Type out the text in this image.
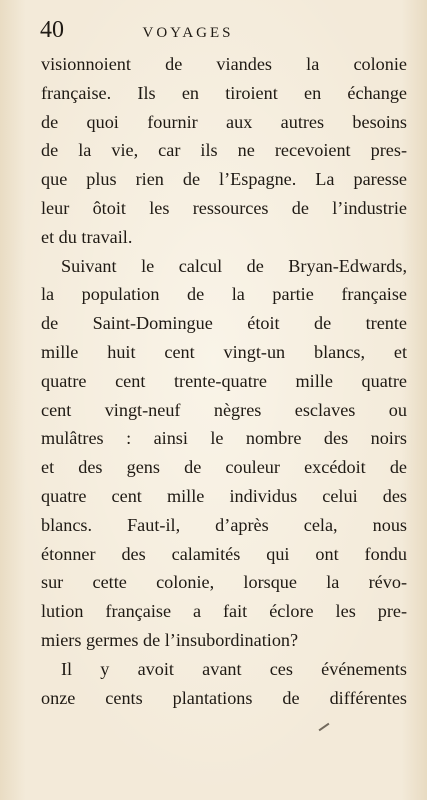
40	VOYAGES
visionnoient de viandes la colonie
française. Ils en tiroient en échange
de quoi fournir aux autres besoins
de la vie, car ils ne recevoient pres-
que plus rien de l’Espagne. La paresse
leur ôtoit les ressources de l’industrie
et du travail.
Suivant le calcul de Bryan-Edwards,
la population de la partie française
de Saint-Domingue étoit de trente
mille huit cent vingt-un blancs, et
quatre cent trente-quatre mille quatre
cent vingt-neuf nègres esclaves ou
mulâtres : ainsi le nombre des noirs
et des gens de couleur excédoit de
quatre cent mille individus celui des
blancs. Faut-il, d’après cela, nous
étonner des calamités qui ont fondu
sur cette colonie, lorsque la révo-
lution française a fait éclore les pre-
miers germes de l’insubordination?
Il y avoit avant ces événements
onze cents plantations de différentes
